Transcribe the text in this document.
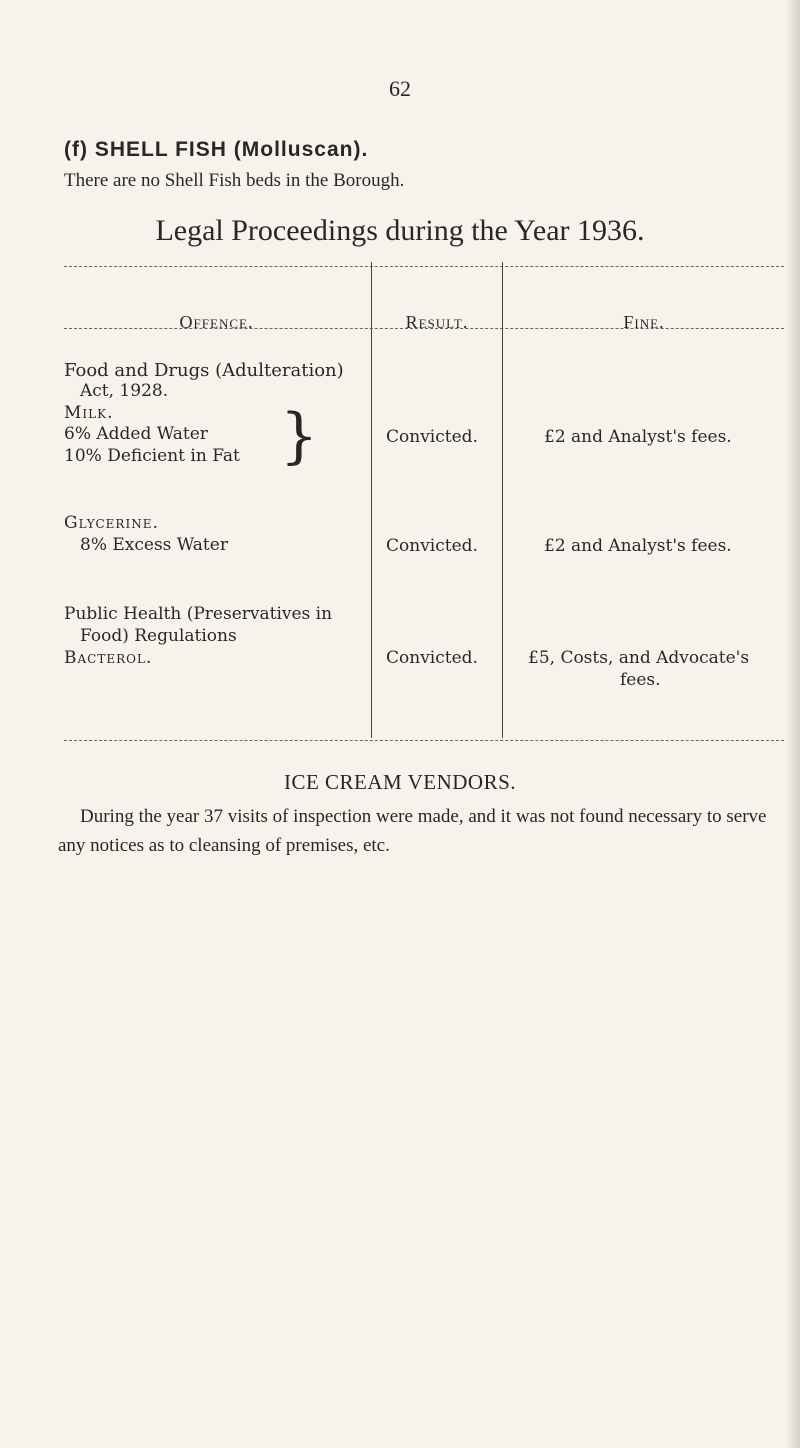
62
(f) SHELL FISH (Molluscan).
There are no Shell Fish beds in the Borough.
Legal Proceedings during the Year 1936.
Offence.	Result.	Fine.
Food and Drugs (Adulteration)
Act, 1928.
Milk.
6% Added Water
10% Deficient in Fat }	Convicted.	£2 and Analyst's fees.
Glycerine.
8% Excess Water	Convicted.	£2 and Analyst's fees.
Public Health (Preservatives in
Food) Regulations
Bacterol.	Convicted.	£5, Costs, and Advocate's
fees.
ICE CREAM VENDORS.
During the year 37 visits of inspection were made, and it was not found necessary to serve any notices as to cleansing of premises, etc.
